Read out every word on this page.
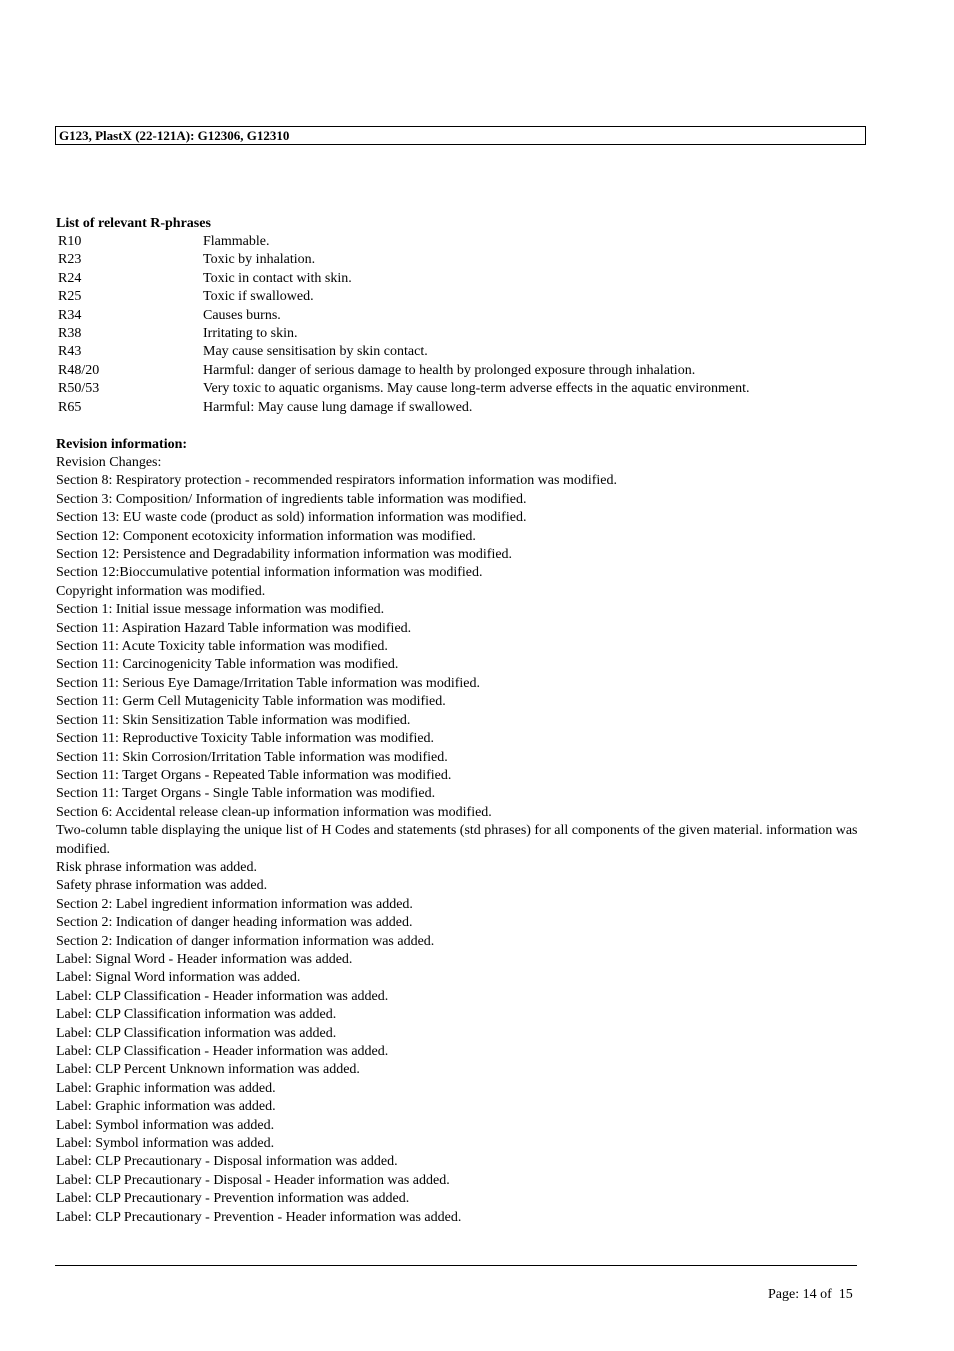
G123, PlastX (22-121A): G12306, G12310
List of relevant R-phrases
R10	Flammable.
R23	Toxic by inhalation.
R24	Toxic in contact with skin.
R25	Toxic if swallowed.
R34	Causes burns.
R38	Irritating to skin.
R43	May cause sensitisation by skin contact.
R48/20	Harmful: danger of serious damage to health by prolonged exposure through inhalation.
R50/53	Very toxic to aquatic organisms. May cause long-term adverse effects in the aquatic environment.
R65	Harmful: May cause lung damage if swallowed.
Revision information:
Revision Changes:
Section 8: Respiratory protection - recommended respirators information information was modified.
Section 3: Composition/ Information of ingredients table information was modified.
Section 13: EU waste code (product as sold) information information was modified.
Section 12: Component ecotoxicity information information was modified.
Section 12: Persistence and Degradability information information was modified.
Section 12:Bioccumulative potential information information was modified.
Copyright information was modified.
Section 1: Initial issue message information was modified.
Section 11: Aspiration Hazard Table information was modified.
Section 11: Acute Toxicity table information was modified.
Section 11: Carcinogenicity Table information was modified.
Section 11: Serious Eye Damage/Irritation Table information was modified.
Section 11: Germ Cell Mutagenicity Table information was modified.
Section 11: Skin Sensitization Table information was modified.
Section 11: Reproductive Toxicity Table information was modified.
Section 11: Skin Corrosion/Irritation Table information was modified.
Section 11: Target Organs - Repeated Table information was modified.
Section 11: Target Organs - Single Table information was modified.
Section 6: Accidental release clean-up information information was modified.
Two-column table displaying the unique list of H Codes and statements (std phrases) for all components of the given material. information was modified.
Risk phrase information was added.
Safety phrase information was added.
Section 2: Label ingredient information information was added.
Section 2: Indication of danger heading information was added.
Section 2: Indication of danger information information was added.
Label: Signal Word - Header information was added.
Label: Signal Word information was added.
Label: CLP Classification - Header information was added.
Label: CLP Classification information was added.
Label: CLP Classification information was added.
Label: CLP Classification - Header information was added.
Label: CLP Percent Unknown information was added.
Label: Graphic information was added.
Label: Graphic information was added.
Label: Symbol information was added.
Label: Symbol information was added.
Label: CLP Precautionary - Disposal information was added.
Label: CLP Precautionary - Disposal - Header information was added.
Label: CLP Precautionary - Prevention information was added.
Label: CLP Precautionary - Prevention - Header information was added.
Page: 14 of  15
